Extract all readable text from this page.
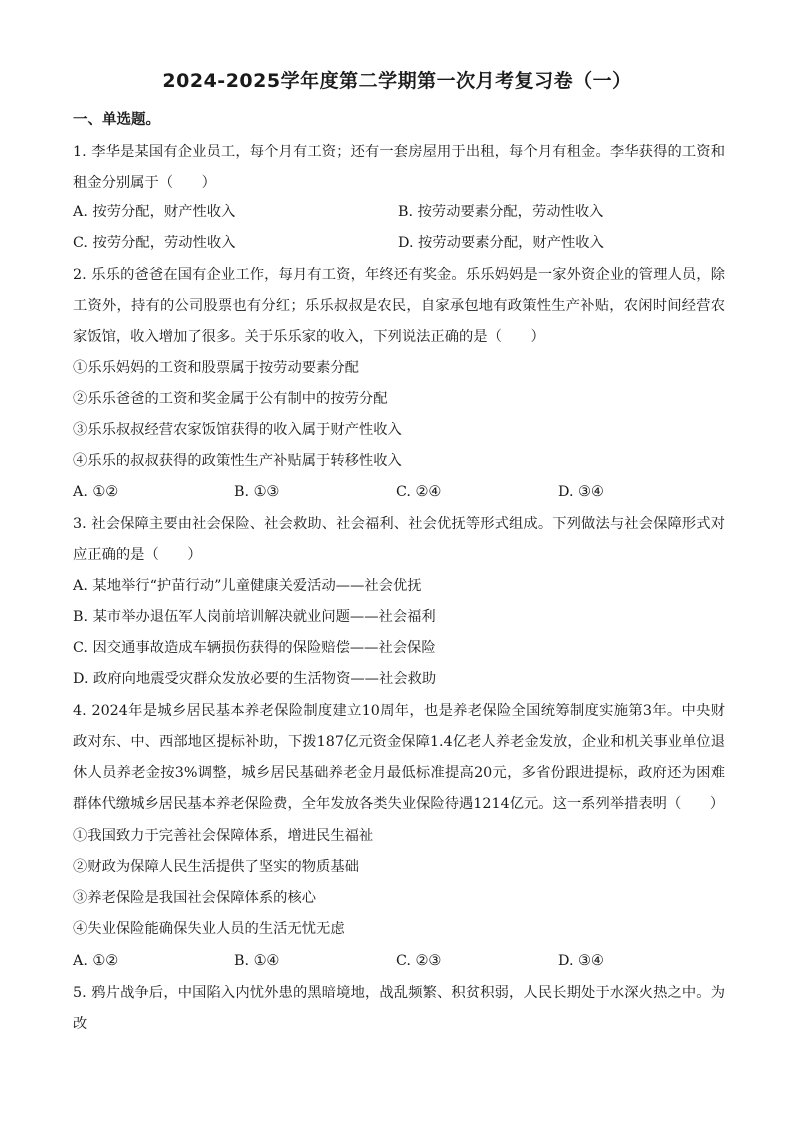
2024-2025学年度第二学期第一次月考复习卷（一）
一、单选题。
1. 李华是某国有企业员工，每个月有工资；还有一套房屋用于出租，每个月有租金。李华获得的工资和租金分别属于（　　）
A. 按劳分配，财产性收入	B. 按劳动要素分配，劳动性收入
C. 按劳分配，劳动性收入	D. 按劳动要素分配，财产性收入
2. 乐乐的爸爸在国有企业工作，每月有工资，年终还有奖金。乐乐妈妈是一家外资企业的管理人员，除工资外，持有的公司股票也有分红；乐乐叔叔是农民，自家承包地有政策性生产补贴，农闲时间经营农家饭馆，收入增加了很多。关于乐乐家的收入，下列说法正确的是（　　）
①乐乐妈妈的工资和股票属于按劳动要素分配
②乐乐爸爸的工资和奖金属于公有制中的按劳分配
③乐乐叔叔经营农家饭馆获得的收入属于财产性收入
④乐乐的叔叔获得的政策性生产补贴属于转移性收入
A. ①②	B. ①③	C. ②④	D. ③④
3. 社会保障主要由社会保险、社会救助、社会福利、社会优抚等形式组成。下列做法与社会保障形式对应正确的是（　　）
A. 某地举行“护苗行动”儿童健康关爱活动——社会优抚
B. 某市举办退伍军人岗前培训解决就业问题——社会福利
C. 因交通事故造成车辆损伤获得的保险赔偿——社会保险
D. 政府向地震受灾群众发放必要的生活物资——社会救助
4. 2024年是城乡居民基本养老保险制度建立10周年，也是养老保险全国统筹制度实施第3年。中央财政对东、中、西部地区提标补助，下拨187亿元资金保障1.4亿老人养老金发放，企业和机关事业单位退休人员养老金按3%调整，城乡居民基础养老金月最低标准提高20元，多省份跟进提标，政府还为困难群体代缴城乡居民基本养老保险费，全年发放各类失业保险待遇1214亿元。这一系列举措表明（　　）
①我国致力于完善社会保障体系，增进民生福祉
②财政为保障人民生活提供了坚实的物质基础
③养老保险是我国社会保障体系的核心
④失业保险能确保失业人员的生活无忧无虑
A. ①②	B. ①④	C. ②③	D. ③④
5. 鸦片战争后，中国陷入内忧外患的黑暗境地，战乱频繁、积贫积弱，人民长期处于水深火热之中。为改
